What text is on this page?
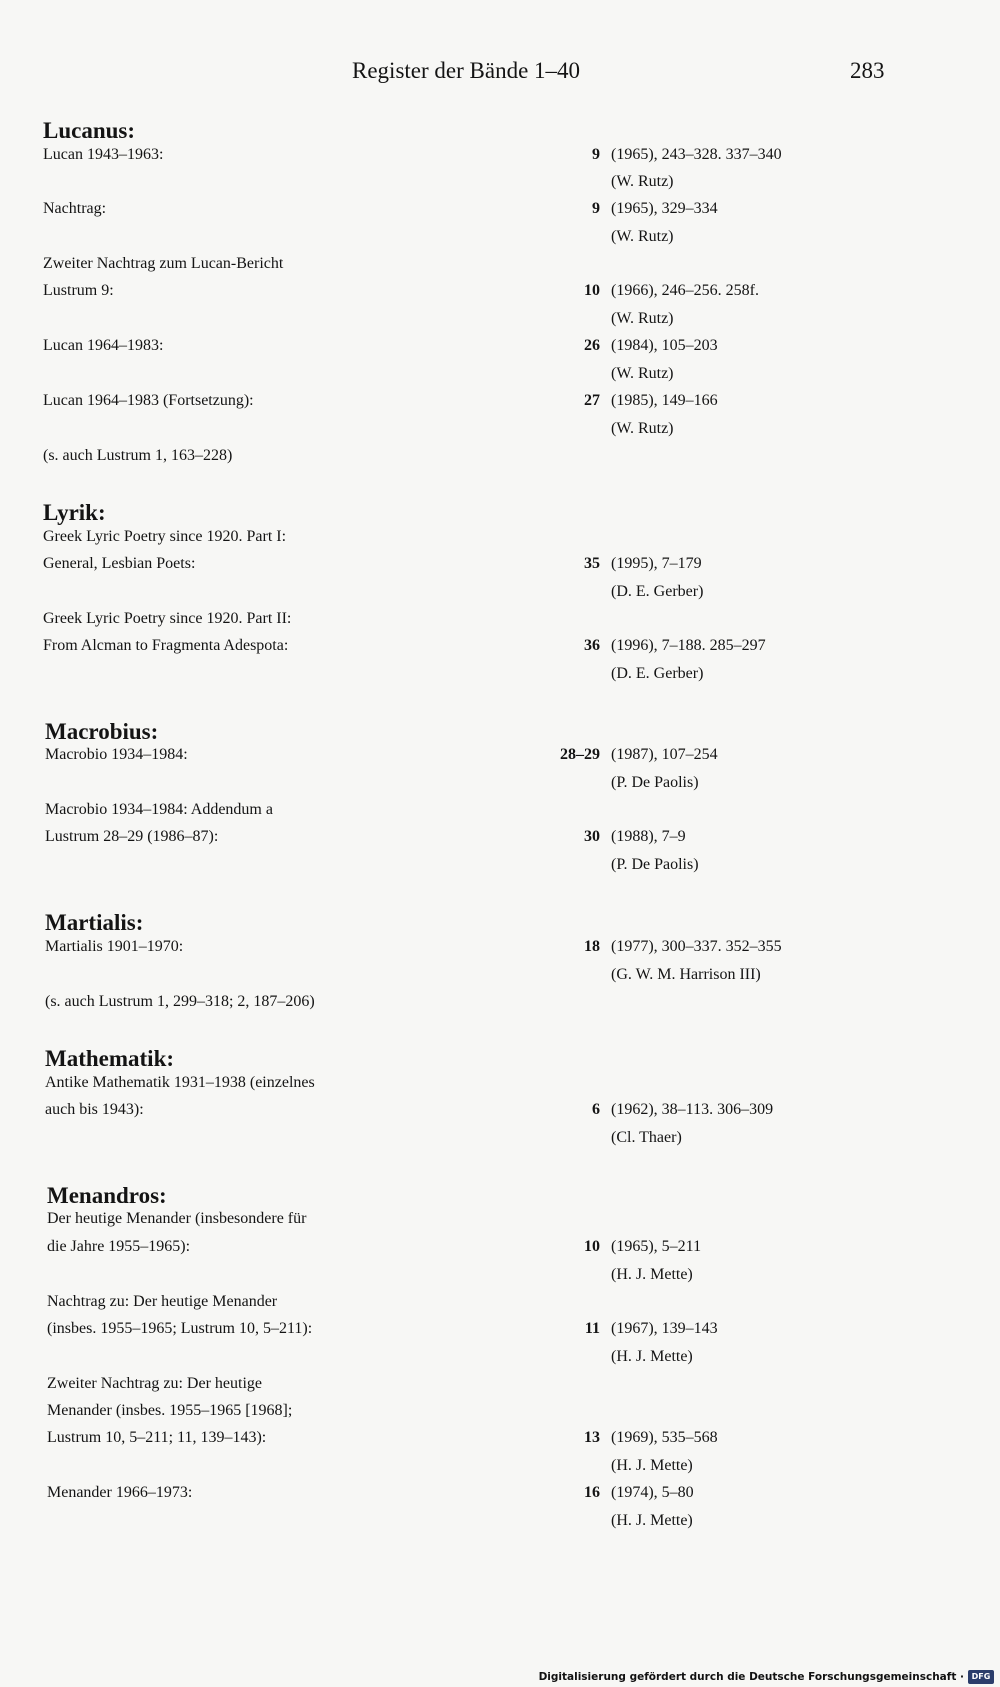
Register der Bände 1–40	283
Lucanus:
Lucan 1943–1963:	9 (1965), 243–328. 337–340
(W. Rutz)
Nachtrag:	9 (1965), 329–334
(W. Rutz)
Zweiter Nachtrag zum Lucan-Bericht
Lustrum 9:	10 (1966), 246–256. 258f.
(W. Rutz)
Lucan 1964–1983:	26 (1984), 105–203
(W. Rutz)
Lucan 1964–1983 (Fortsetzung):	27 (1985), 149–166
(W. Rutz)
(s. auch Lustrum 1, 163–228)
Lyrik:
Greek Lyric Poetry since 1920. Part I:
General, Lesbian Poets:	35 (1995), 7–179
(D. E. Gerber)
Greek Lyric Poetry since 1920. Part II:
From Alcman to Fragmenta Adespota:	36 (1996), 7–188. 285–297
(D. E. Gerber)
Macrobius:
Macrobio 1934–1984:	28–29 (1987), 107–254
(P. De Paolis)
Macrobio 1934–1984: Addendum a
Lustrum 28–29 (1986–87):	30 (1988), 7–9
(P. De Paolis)
Martialis:
Martialis 1901–1970:	18 (1977), 300–337. 352–355
(G. W. M. Harrison III)
(s. auch Lustrum 1, 299–318; 2, 187–206)
Mathematik:
Antike Mathematik 1931–1938 (einzelnes
auch bis 1943):	6 (1962), 38–113. 306–309
(Cl. Thaer)
Menandros:
Der heutige Menander (insbesondere für
die Jahre 1955–1965):	10 (1965), 5–211
(H. J. Mette)
Nachtrag zu: Der heutige Menander
(insbes. 1955–1965; Lustrum 10, 5–211):	11 (1967), 139–143
(H. J. Mette)
Zweiter Nachtrag zu: Der heutige
Menander (insbes. 1955–1965 [1968];
Lustrum 10, 5–211; 11, 139–143):	13 (1969), 535–568
(H. J. Mette)
Menander 1966–1973:	16 (1974), 5–80
(H. J. Mette)
Digitalisierung gefördert durch die Deutsche Forschungsgemeinschaft · DFG
